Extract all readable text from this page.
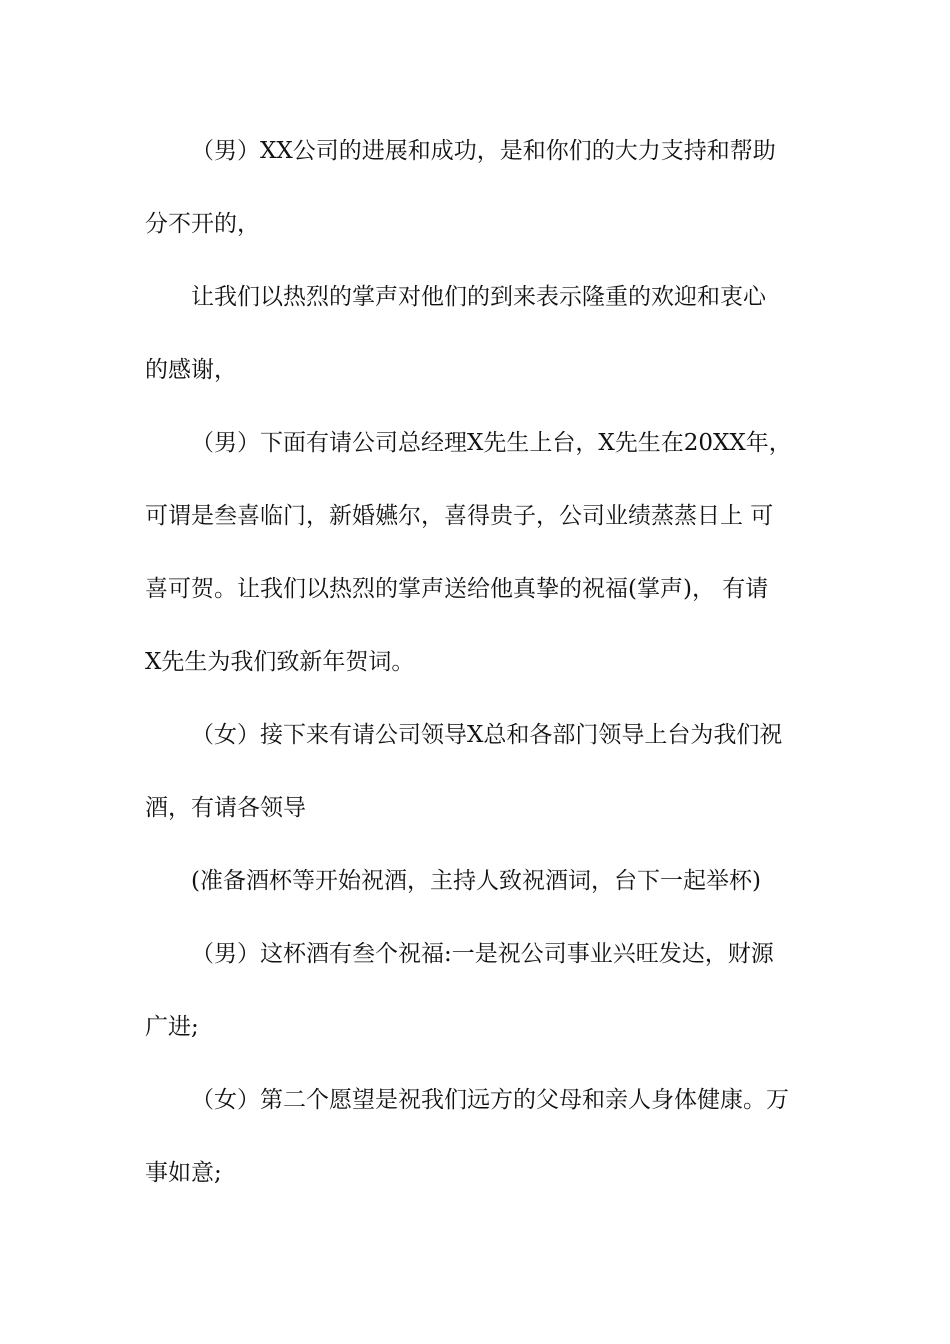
（男）XX公司的进展和成功，是和你们的大力支持和帮助
分不开的，
让我们以热烈的掌声对他们的到来表示隆重的欢迎和衷心
的感谢，
（男）下面有请公司总经理X先生上台，X先生在20XX年，
可谓是叁喜临门，新婚嬿尔，喜得贵子，公司业绩蒸蒸日上 可
喜可贺。让我们以热烈的掌声送给他真挚的祝福(掌声)， 有请
X先生为我们致新年贺词。
（女）接下来有请公司领导X总和各部门领导上台为我们祝
酒，有请各领导
(准备酒杯等开始祝酒，主持人致祝酒词，台下一起举杯)
（男）这杯酒有叁个祝福:一是祝公司事业兴旺发达，财源
广进;
（女）第二个愿望是祝我们远方的父母和亲人身体健康。万
事如意;
